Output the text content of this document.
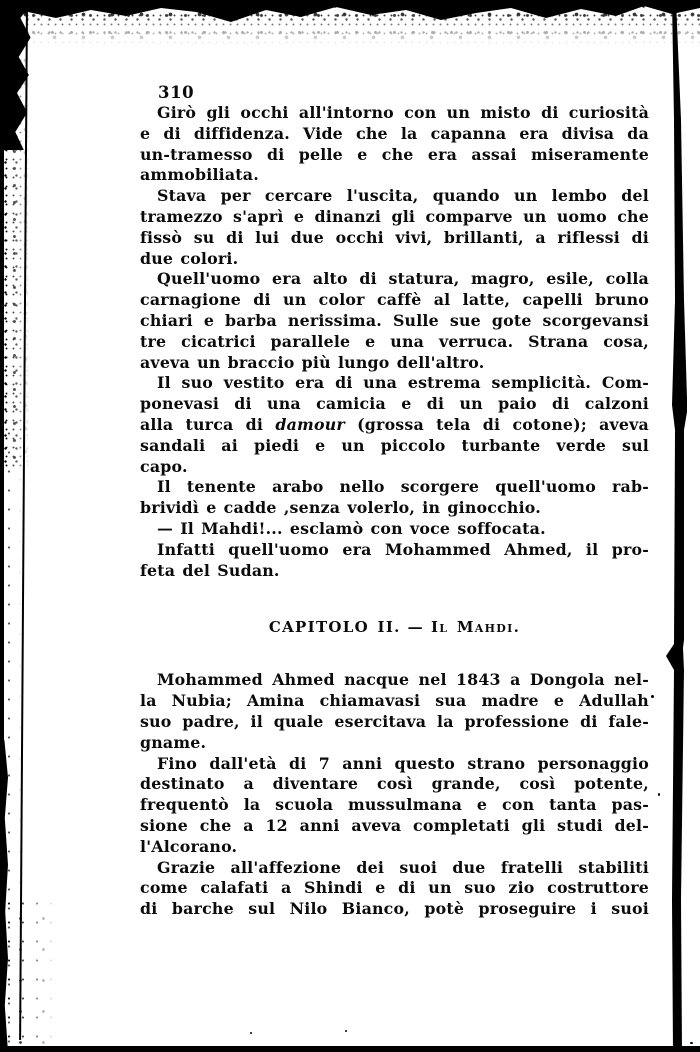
310
Girò gli occhi all'intorno con un misto di curiosità
e di diffidenza. Vide che la capanna era divisa da
un-tramesso di pelle e che era assai miseramente
ammobiliata.
Stava per cercare l'uscita, quando un lembo del
tramezzo s'aprì e dinanzi gli comparve un uomo che
fissò su di lui due occhi vivi, brillanti, a riflessi di
due colori.
Quell'uomo era alto di statura, magro, esile, colla
carnagione di un color caffè al latte, capelli bruno
chiari e barba nerissima. Sulle sue gote scorgevansi
tre cicatrici parallele e una verruca. Strana cosa,
aveva un braccio più lungo dell'altro.
Il suo vestito era di una estrema semplicità. Com-
ponevasi di una camicia e di un paio di calzoni
alla turca di damour (grossa tela di cotone); aveva
sandali ai piedi e un piccolo turbante verde sul
capo.
Il tenente arabo nello scorgere quell'uomo rab-
brividì e cadde ,senza volerlo, in ginocchio.
— Il Mahdi!... esclamò con voce soffocata.
Infatti quell'uomo era Mohammed Ahmed, il pro-
feta del Sudan.
CAPITOLO II. — Il Mahdi.
Mohammed Ahmed nacque nel 1843 a Dongola nel-
la Nubia; Amina chiamavasi sua madre e Adullah
suo padre, il quale esercitava la professione di fale-
gname.
Fino dall'età di 7 anni questo strano personaggio
destinato a diventare così grande, così potente,
frequentò la scuola mussulmana e con tanta pas-
sione che a 12 anni aveva completati gli studi del-
l'Alcorano.
Grazie all'affezione dei suoi due fratelli stabiliti
come calafati a Shindi e di un suo zio costruttore
di barche sul Nilo Bianco, potè proseguire i suoi
